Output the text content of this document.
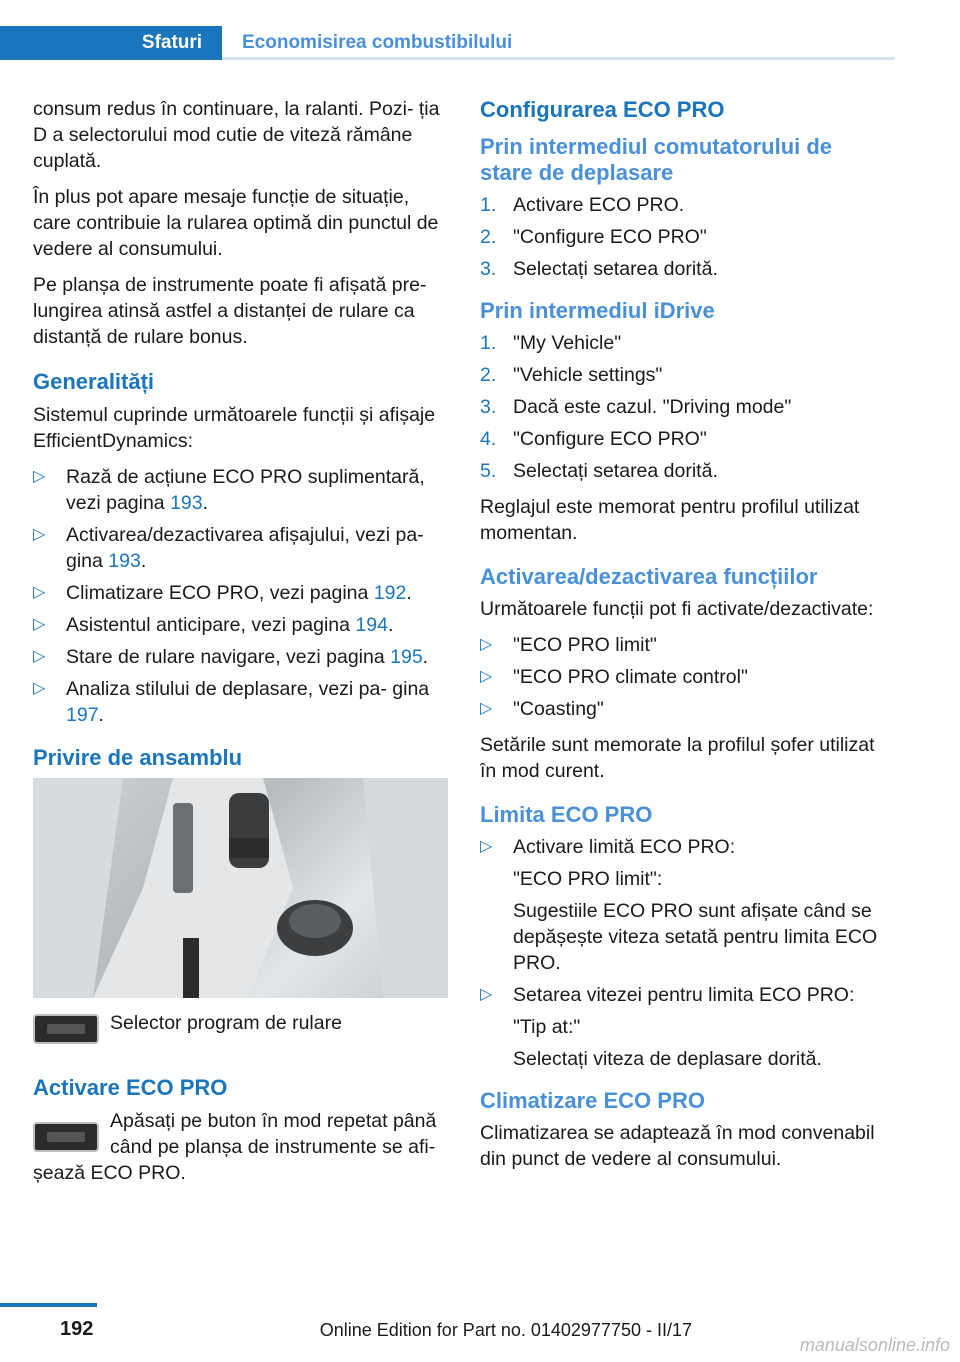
Sfaturi	Economisirea combustibilului

consum redus în continuare, la ralanti. Pozi‐ ția D a selectorului mod cutie de viteză rămâne cuplată.

În plus pot apare mesaje funcție de situație, care contribuie la rularea optimă din punctul de vedere al consumului.

Pe planșa de instrumente poate fi afișată pre‐ lungirea atinsă astfel a distanței de rulare ca distanță de rulare bonus.

Generalități

Sistemul cuprinde următoarele funcții și afișaje EfficientDynamics:

▷ Rază de acțiune ECO PRO suplimentară, vezi pagina 193.
▷ Activarea/dezactivarea afișajului, vezi pa‐ gina 193.
▷ Climatizare ECO PRO, vezi pagina 192.
▷ Asistentul anticipare, vezi pagina 194.
▷ Stare de rulare navigare, vezi pagina 195.
▷ Analiza stilului de deplasare, vezi pa‐ gina 197.
Privire de ansamblu
Selector program de rulare
Activare ECO PRO

Apăsați pe buton în mod repetat până când pe planșa de instrumente se afi‐ șează ECO PRO.

Configurarea ECO PRO
Prin intermediul comutatorului de stare de deplasare
1. Activare ECO PRO.
2. "Configure ECO PRO"
3. Selectați setarea dorită.
Prin intermediul iDrive
1. "My Vehicle"
2. "Vehicle settings"
3. Dacă este cazul. "Driving mode"
4. "Configure ECO PRO"
5. Selectați setarea dorită.

Reglajul este memorat pentru profilul utilizat momentan.

Activarea/dezactivarea funcțiilor

Următoarele funcții pot fi activate/dezactivate:

▷ "ECO PRO limit"
▷ "ECO PRO climate control"
▷ "Coasting"

Setările sunt memorate la profilul șofer utilizat în mod curent.

Limita ECO PRO
▷ Activare limită ECO PRO:
"ECO PRO limit":
Sugestiile ECO PRO sunt afișate când se depășește viteza setată pentru limita ECO PRO.
▷ Setarea vitezei pentru limita ECO PRO:
"Tip at:"
Selectați viteza de deplasare dorită.
Climatizare ECO PRO

Climatizarea se adaptează în mod convenabil din punct de vedere al consumului.

192	Online Edition for Part no. 01402977750 - II/17
manualsonline.info
